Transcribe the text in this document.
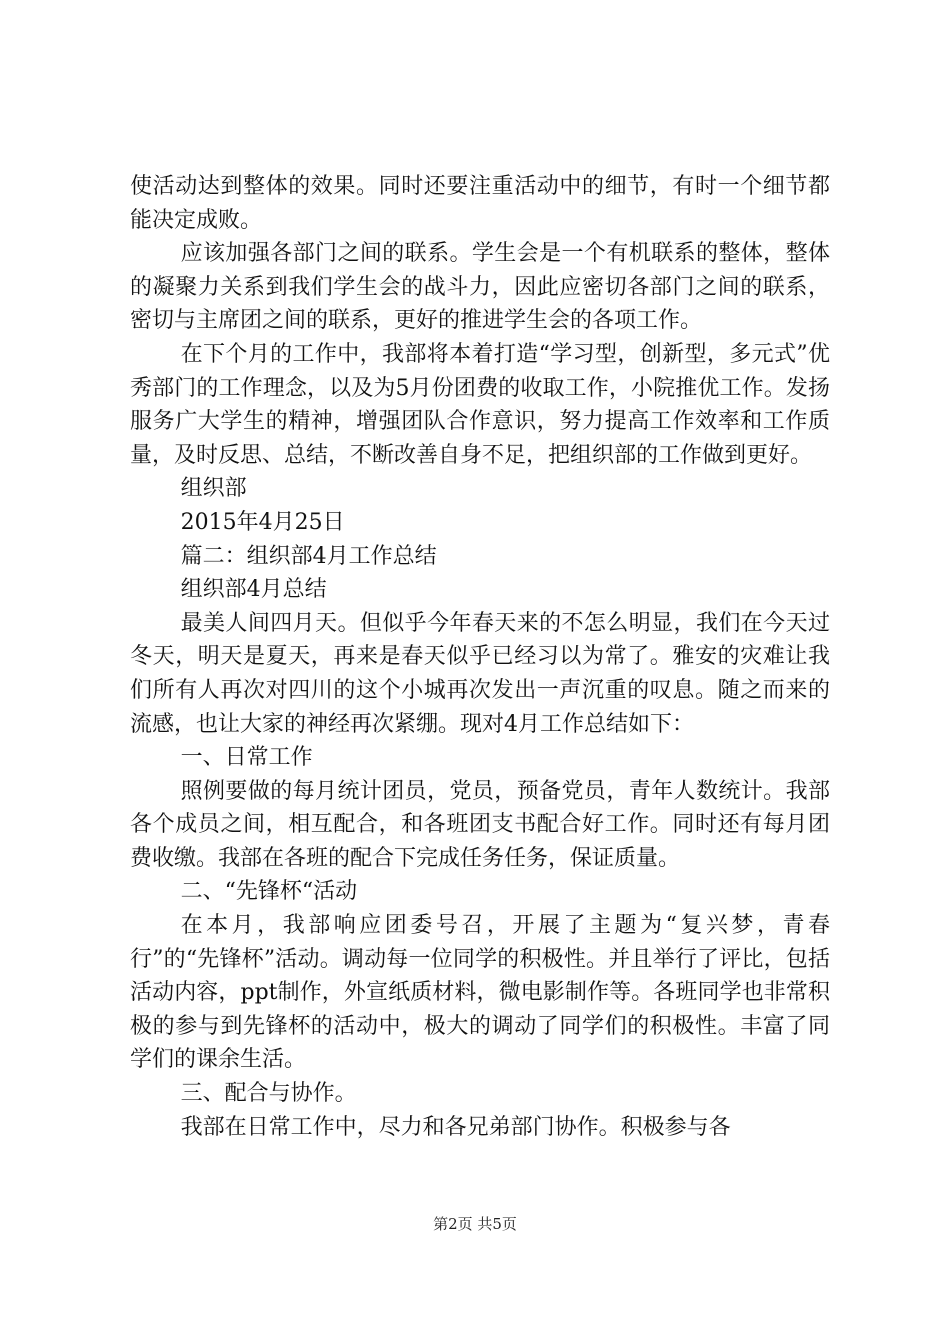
使活动达到整体的效果。同时还要注重活动中的细节，有时一个细节都能决定成败。

应该加强各部门之间的联系。学生会是一个有机联系的整体，整体的凝聚力关系到我们学生会的战斗力，因此应密切各部门之间的联系，密切与主席团之间的联系，更好的推进学生会的各项工作。

在下个月的工作中，我部将本着打造“学习型，创新型，多元式”优秀部门的工作理念，以及为5月份团费的收取工作，小院推优工作。发扬服务广大学生的精神，增强团队合作意识，努力提高工作效率和工作质量，及时反思、总结，不断改善自身不足，把组织部的工作做到更好。

组织部

2015年4月25日

篇二：组织部4月工作总结

组织部4月总结

最美人间四月天。但似乎今年春天来的不怎么明显，我们在今天过冬天，明天是夏天，再来是春天似乎已经习以为常了。雅安的灾难让我们所有人再次对四川的这个小城再次发出一声沉重的叹息。随之而来的流感，也让大家的神经再次紧绷。现对4月工作总结如下：

一、日常工作

照例要做的每月统计团员，党员，预备党员，青年人数统计。我部各个成员之间，相互配合，和各班团支书配合好工作。同时还有每月团费收缴。我部在各班的配合下完成任务任务，保证质量。

二、“先锋杯“活动

在本月，我部响应团委号召，开展了主题为“复兴梦，青春行”的“先锋杯”活动。调动每一位同学的积极性。并且举行了评比，包括活动内容，ppt制作，外宣纸质材料，微电影制作等。各班同学也非常积极的参与到先锋杯的活动中，极大的调动了同学们的积极性。丰富了同学们的课余生活。

三、配合与协作。

我部在日常工作中，尽力和各兄弟部门协作。积极参与各

第2页 共5页
